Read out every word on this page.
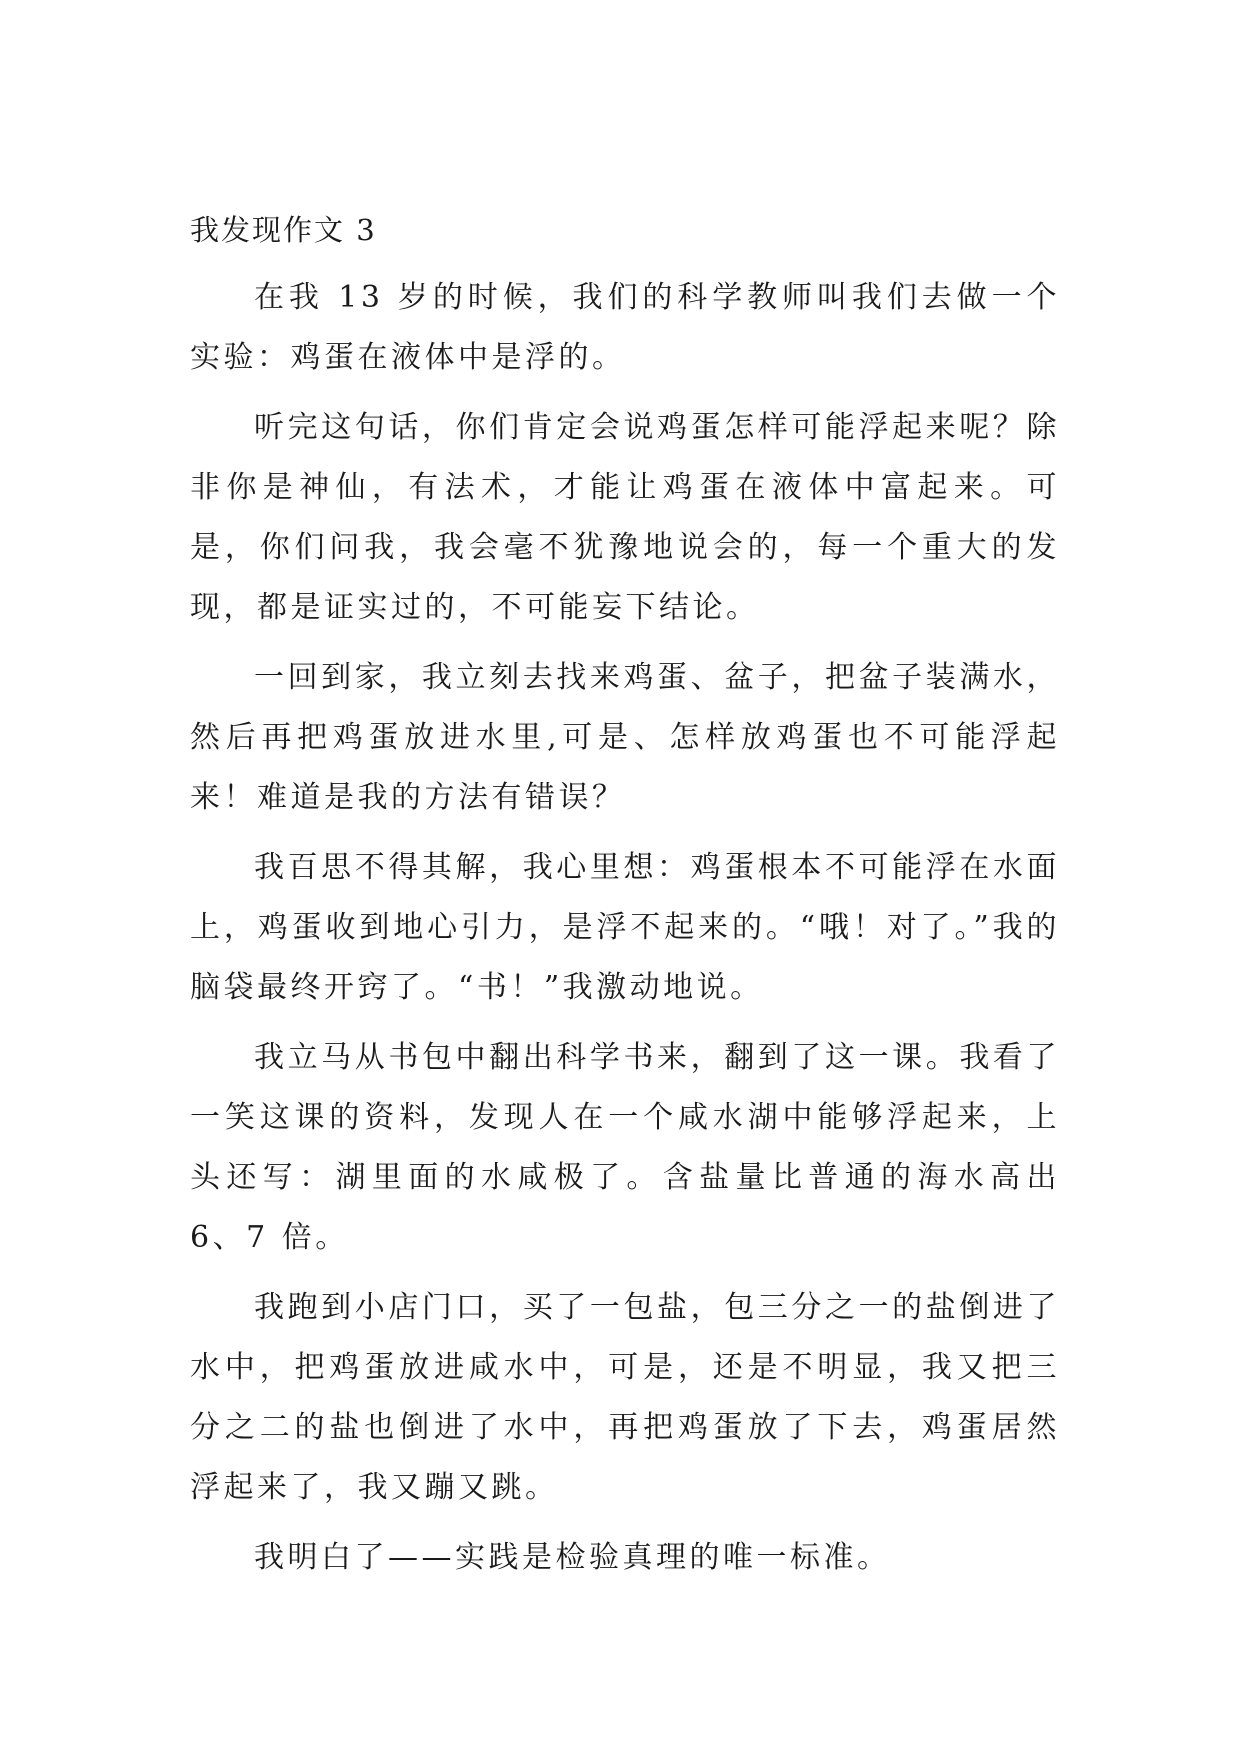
我发现作文 3

在我 13 岁的时候，我们的科学教师叫我们去做一个实验：鸡蛋在液体中是浮的。

听完这句话，你们肯定会说鸡蛋怎样可能浮起来呢？除非你是神仙，有法术，才能让鸡蛋在液体中富起来。可是，你们问我，我会毫不犹豫地说会的，每一个重大的发现，都是证实过的，不可能妄下结论。

一回到家，我立刻去找来鸡蛋、盆子，把盆子装满水，然后再把鸡蛋放进水里,可是、怎样放鸡蛋也不可能浮起来！难道是我的方法有错误？

我百思不得其解，我心里想：鸡蛋根本不可能浮在水面上，鸡蛋收到地心引力，是浮不起来的。“哦！对了。”我的脑袋最终开窍了。“书！”我激动地说。

我立马从书包中翻出科学书来，翻到了这一课。我看了一笑这课的资料，发现人在一个咸水湖中能够浮起来，上头还写：湖里面的水咸极了。含盐量比普通的海水高出 6、7 倍。

我跑到小店门口，买了一包盐，包三分之一的盐倒进了水中，把鸡蛋放进咸水中，可是，还是不明显，我又把三分之二的盐也倒进了水中，再把鸡蛋放了下去，鸡蛋居然浮起来了，我又蹦又跳。

我明白了——实践是检验真理的唯一标准。
